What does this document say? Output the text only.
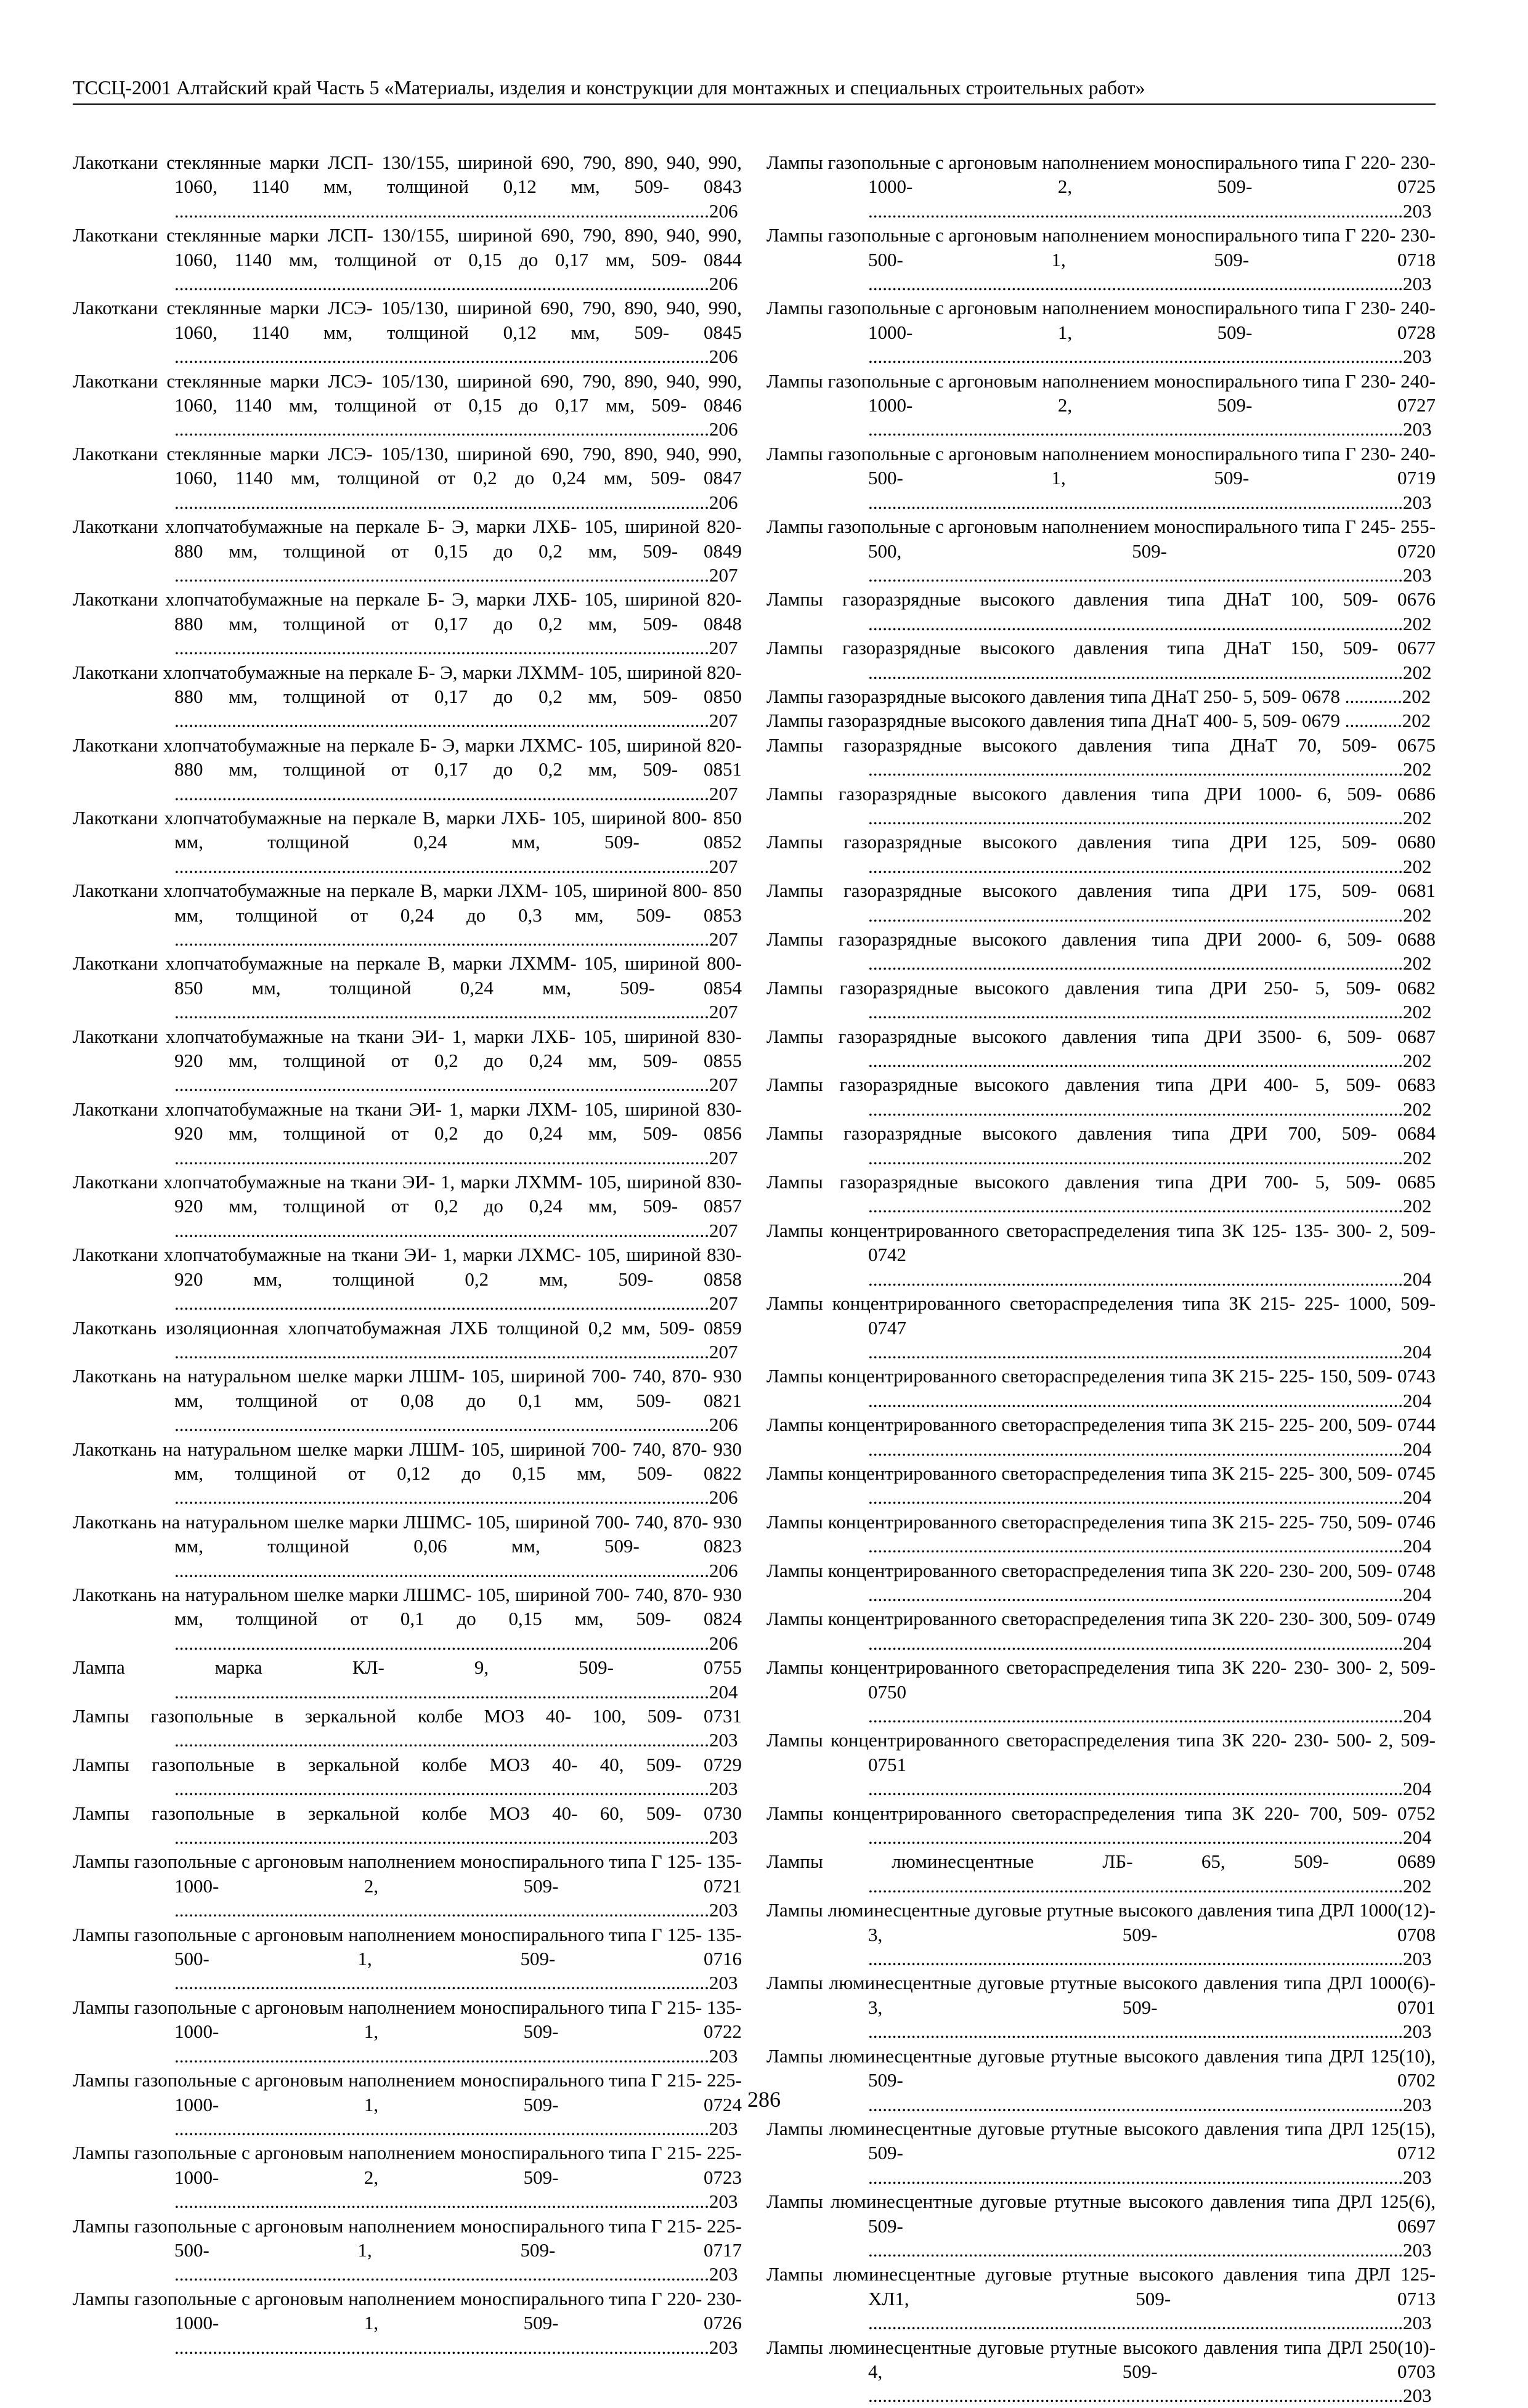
ТССЦ-2001 Алтайский край Часть 5 «Материалы, изделия и конструкции для монтажных и специальных строительных работ»
Лакоткани стеклянные марки ЛСП- 130/155, шириной 690, 790, 890, 940, 990, 1060, 1140 мм, толщиной 0,12 мм, 509- 0843 ................................................................................................................206
Лакоткани стеклянные марки ЛСП- 130/155, шириной 690, 790, 890, 940, 990, 1060, 1140 мм, толщиной от 0,15 до 0,17 мм, 509- 0844 ................................................................................................................206
Лакоткани стеклянные марки ЛСЭ- 105/130, шириной 690, 790, 890, 940, 990, 1060, 1140 мм, толщиной 0,12 мм, 509- 0845 ................................................................................................................206
Лакоткани стеклянные марки ЛСЭ- 105/130, шириной 690, 790, 890, 940, 990, 1060, 1140 мм, толщиной от 0,15 до 0,17 мм, 509- 0846 ................................................................................................................206
Лакоткани стеклянные марки ЛСЭ- 105/130, шириной 690, 790, 890, 940, 990, 1060, 1140 мм, толщиной от 0,2 до 0,24 мм, 509- 0847 ................................................................................................................206
Лакоткани хлопчатобумажные на перкале Б- Э, марки ЛХБ- 105, шириной 820- 880 мм, толщиной от 0,15 до 0,2 мм, 509- 0849 ................................................................................................................207
Лакоткани хлопчатобумажные на перкале Б- Э, марки ЛХБ- 105, шириной 820- 880 мм, толщиной от 0,17 до 0,2 мм, 509- 0848 ................................................................................................................207
Лакоткани хлопчатобумажные на перкале Б- Э, марки ЛХММ- 105, шириной 820- 880 мм, толщиной от 0,17 до 0,2 мм, 509- 0850 ................................................................................................................207
Лакоткани хлопчатобумажные на перкале Б- Э, марки ЛХМС- 105, шириной 820- 880 мм, толщиной от 0,17 до 0,2 мм, 509- 0851 ................................................................................................................207
Лакоткани хлопчатобумажные на перкале В, марки ЛХБ- 105, шириной 800- 850 мм, толщиной 0,24 мм, 509- 0852 ................................................................................................................207
Лакоткани хлопчатобумажные на перкале В, марки ЛХМ- 105, шириной 800- 850 мм, толщиной от 0,24 до 0,3 мм, 509- 0853 ................................................................................................................207
Лакоткани хлопчатобумажные на перкале В, марки ЛХММ- 105, шириной 800- 850 мм, толщиной 0,24 мм, 509- 0854 ................................................................................................................207
Лакоткани хлопчатобумажные на ткани ЭИ- 1, марки ЛХБ- 105, шириной 830- 920 мм, толщиной от 0,2 до 0,24 мм, 509- 0855 ................................................................................................................207
Лакоткани хлопчатобумажные на ткани ЭИ- 1, марки ЛХМ- 105, шириной 830- 920 мм, толщиной от 0,2 до 0,24 мм, 509- 0856 ................................................................................................................207
Лакоткани хлопчатобумажные на ткани ЭИ- 1, марки ЛХММ- 105, шириной 830- 920 мм, толщиной от 0,2 до 0,24 мм, 509- 0857 ................................................................................................................207
Лакоткани хлопчатобумажные на ткани ЭИ- 1, марки ЛХМС- 105, шириной 830- 920 мм, толщиной 0,2 мм, 509- 0858 ................................................................................................................207
Лакоткань изоляционная хлопчатобумажная ЛХБ толщиной 0,2 мм, 509- 0859 ................................................................................................................207
Лакоткань на натуральном шелке марки ЛШМ- 105, шириной 700- 740, 870- 930 мм, толщиной от 0,08 до 0,1 мм, 509- 0821 ................................................................................................................206
Лакоткань на натуральном шелке марки ЛШМ- 105, шириной 700- 740, 870- 930 мм, толщиной от 0,12 до 0,15 мм, 509- 0822 ................................................................................................................206
Лакоткань на натуральном шелке марки ЛШМС- 105, шириной 700- 740, 870- 930 мм, толщиной 0,06 мм, 509- 0823 ................................................................................................................206
Лакоткань на натуральном шелке марки ЛШМС- 105, шириной 700- 740, 870- 930 мм, толщиной от 0,1 до 0,15 мм, 509- 0824 ................................................................................................................206
Лампа марка КЛ- 9, 509- 0755 ................................................................................................................204
Лампы газопольные в зеркальной колбе МОЗ 40- 100, 509- 0731 ................................................................................................................203
Лампы газопольные в зеркальной колбе МОЗ 40- 40, 509- 0729 ................................................................................................................203
Лампы газопольные в зеркальной колбе МОЗ 40- 60, 509- 0730 ................................................................................................................203
Лампы газопольные с аргоновым наполнением моноспирального типа Г 125- 135- 1000- 2, 509- 0721 ................................................................................................................203
Лампы газопольные с аргоновым наполнением моноспирального типа Г 125- 135- 500- 1, 509- 0716 ................................................................................................................203
Лампы газопольные с аргоновым наполнением моноспирального типа Г 215- 135- 1000- 1, 509- 0722 ................................................................................................................203
Лампы газопольные с аргоновым наполнением моноспирального типа Г 215- 225- 1000- 1, 509- 0724 ................................................................................................................203
Лампы газопольные с аргоновым наполнением моноспирального типа Г 215- 225- 1000- 2, 509- 0723 ................................................................................................................203
Лампы газопольные с аргоновым наполнением моноспирального типа Г 215- 225- 500- 1, 509- 0717 ................................................................................................................203
Лампы газопольные с аргоновым наполнением моноспирального типа Г 220- 230- 1000- 1, 509- 0726 ................................................................................................................203
Лампы газопольные с аргоновым наполнением моноспирального типа Г 220- 230- 1000- 2, 509- 0725 ................................................................................................................203
Лампы газопольные с аргоновым наполнением моноспирального типа Г 220- 230- 500- 1, 509- 0718 ................................................................................................................203
Лампы газопольные с аргоновым наполнением моноспирального типа Г 230- 240- 1000- 1, 509- 0728 ................................................................................................................203
Лампы газопольные с аргоновым наполнением моноспирального типа Г 230- 240- 1000- 2, 509- 0727 ................................................................................................................203
Лампы газопольные с аргоновым наполнением моноспирального типа Г 230- 240- 500- 1, 509- 0719 ................................................................................................................203
Лампы газопольные с аргоновым наполнением моноспирального типа Г 245- 255- 500, 509- 0720 ................................................................................................................203
Лампы газоразрядные высокого давления типа ДНаТ 100, 509- 0676 ................................................................................................................202
Лампы газоразрядные высокого давления типа ДНаТ 150, 509- 0677 ................................................................................................................202
Лампы газоразрядные высокого давления типа ДНаТ 250- 5, 509- 0678 ............202
Лампы газоразрядные высокого давления типа ДНаТ 400- 5, 509- 0679 ............202
Лампы газоразрядные высокого давления типа ДНаТ 70, 509- 0675 ................................................................................................................202
Лампы газоразрядные высокого давления типа ДРИ 1000- 6, 509- 0686 ................................................................................................................202
Лампы газоразрядные высокого давления типа ДРИ 125, 509- 0680 ................................................................................................................202
Лампы газоразрядные высокого давления типа ДРИ 175, 509- 0681 ................................................................................................................202
Лампы газоразрядные высокого давления типа ДРИ 2000- 6, 509- 0688 ................................................................................................................202
Лампы газоразрядные высокого давления типа ДРИ 250- 5, 509- 0682 ................................................................................................................202
Лампы газоразрядные высокого давления типа ДРИ 3500- 6, 509- 0687 ................................................................................................................202
Лампы газоразрядные высокого давления типа ДРИ 400- 5, 509- 0683 ................................................................................................................202
Лампы газоразрядные высокого давления типа ДРИ 700, 509- 0684 ................................................................................................................202
Лампы газоразрядные высокого давления типа ДРИ 700- 5, 509- 0685 ................................................................................................................202
Лампы концентрированного светораспределения типа ЗК 125- 135- 300- 2, 509- 0742 ................................................................................................................204
Лампы концентрированного светораспределения типа ЗК 215- 225- 1000, 509- 0747 ................................................................................................................204
Лампы концентрированного светораспределения типа ЗК 215- 225- 150, 509- 0743 ................................................................................................................204
Лампы концентрированного светораспределения типа ЗК 215- 225- 200, 509- 0744 ................................................................................................................204
Лампы концентрированного светораспределения типа ЗК 215- 225- 300, 509- 0745 ................................................................................................................204
Лампы концентрированного светораспределения типа ЗК 215- 225- 750, 509- 0746 ................................................................................................................204
Лампы концентрированного светораспределения типа ЗК 220- 230- 200, 509- 0748 ................................................................................................................204
Лампы концентрированного светораспределения типа ЗК 220- 230- 300, 509- 0749 ................................................................................................................204
Лампы концентрированного светораспределения типа ЗК 220- 230- 300- 2, 509- 0750 ................................................................................................................204
Лампы концентрированного светораспределения типа ЗК 220- 230- 500- 2, 509- 0751 ................................................................................................................204
Лампы концентрированного светораспределения типа ЗК 220- 700, 509- 0752 ................................................................................................................204
Лампы люминесцентные ЛБ- 65, 509- 0689 ................................................................................................................202
Лампы люминесцентные дуговые ртутные высокого давления типа ДРЛ 1000(12)- 3, 509- 0708 ................................................................................................................203
Лампы люминесцентные дуговые ртутные высокого давления типа ДРЛ 1000(6)- 3, 509- 0701 ................................................................................................................203
Лампы люминесцентные дуговые ртутные высокого давления типа ДРЛ 125(10), 509- 0702 ................................................................................................................203
Лампы люминесцентные дуговые ртутные высокого давления типа ДРЛ 125(15), 509- 0712 ................................................................................................................203
Лампы люминесцентные дуговые ртутные высокого давления типа ДРЛ 125(6), 509- 0697 ................................................................................................................203
Лампы люминесцентные дуговые ртутные высокого давления типа ДРЛ 125- ХЛ1, 509- 0713 ................................................................................................................203
Лампы люминесцентные дуговые ртутные высокого давления типа ДРЛ 250(10)- 4, 509- 0703 ................................................................................................................203
286
